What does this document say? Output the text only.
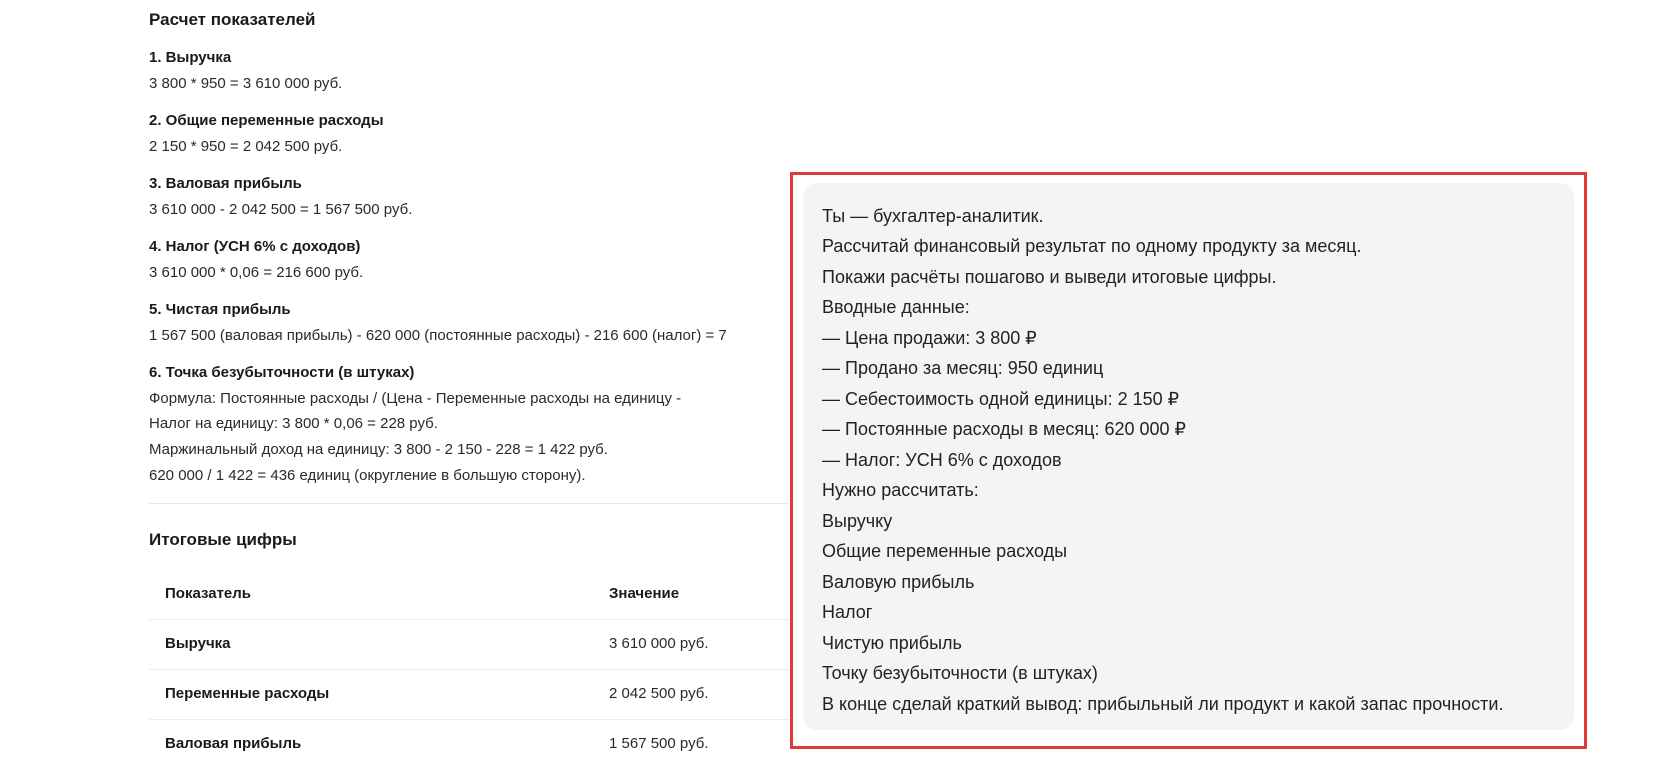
Расчет показателей
1. Выручка
3 800 * 950 = 3 610 000 руб.
2. Общие переменные расходы
2 150 * 950 = 2 042 500 руб.
3. Валовая прибыль
3 610 000 - 2 042 500 = 1 567 500 руб.
4. Налог (УСН 6% с доходов)
3 610 000 * 0,06 = 216 600 руб.
5. Чистая прибыль
1 567 500 (валовая прибыль) - 620 000 (постоянные расходы) - 216 600 (налог) = 7
6. Точка безубыточности (в штуках)
Формула: Постоянные расходы / (Цена - Переменные расходы на единицу -
Налог на единицу: 3 800 * 0,06 = 228 руб.
Маржинальный доход на единицу: 3 800 - 2 150 - 228 = 1 422 руб.
620 000 / 1 422 = 436 единиц (округление в большую сторону).
Итоговые цифры
Показатель	Значение
Выручка	3 610 000 руб.
Переменные расходы	2 042 500 руб.
Валовая прибыль	1 567 500 руб.
Ты — бухгалтер-аналитик.
Рассчитай финансовый результат по одному продукту за месяц.
Покажи расчёты пошагово и выведи итоговые цифры.
Вводные данные:
— Цена продажи: 3 800 ₽
— Продано за месяц: 950 единиц
— Себестоимость одной единицы: 2 150 ₽
— Постоянные расходы в месяц: 620 000 ₽
— Налог: УСН 6% с доходов
Нужно рассчитать:
Выручку
Общие переменные расходы
Валовую прибыль
Налог
Чистую прибыль
Точку безубыточности (в штуках)
В конце сделай краткий вывод: прибыльный ли продукт и какой запас прочности.
